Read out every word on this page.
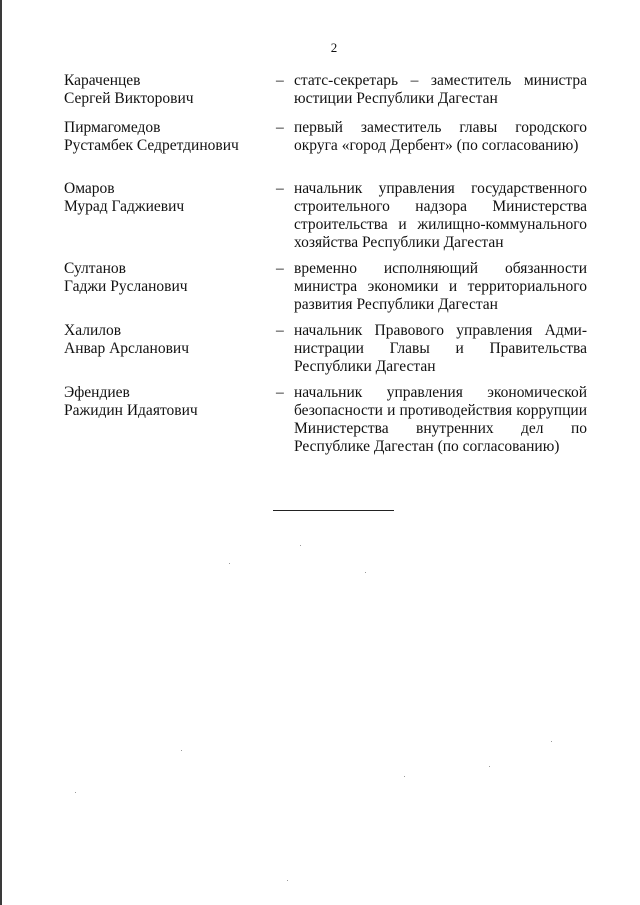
2
Караченцев
Сергей Викторович
– статс-секретарь – заместитель министра
юстиции Республики Дагестан
Пирмагомедов
Рустамбек Седретдинович
– первый заместитель главы городского
округа «город Дербент» (по согласованию)
Омаров
Мурад Гаджиевич
– начальник управления государственного
строительного надзора Министерства
строительства и жилищно-коммунального
хозяйства Республики Дагестан
Султанов
Гаджи Русланович
– временно исполняющий обязанности
министра экономики и территориального
развития Республики Дагестан
Халилов
Анвар Арсланович
– начальник Правового управления Адми-
нистрации Главы и Правительства
Республики Дагестан
Эфендиев
Ражидин Идаятович
– начальник управления экономической
безопасности и противодействия коррупции
Министерства внутренних дел по
Республике Дагестан (по согласованию)
